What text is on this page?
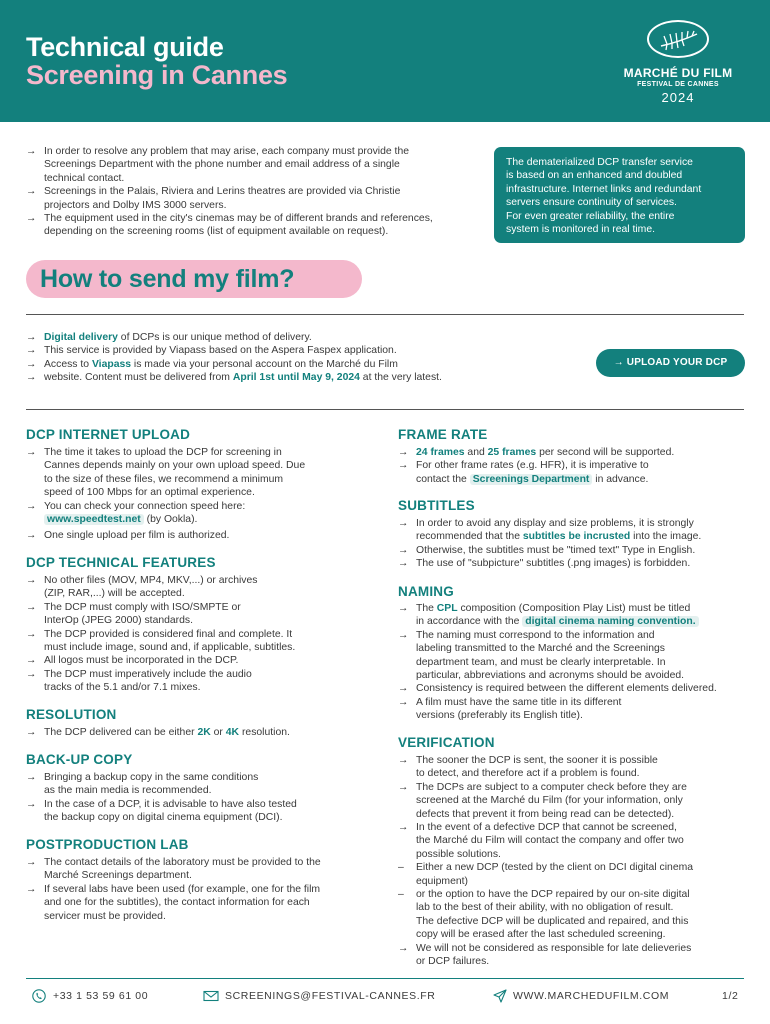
Technical guide
Screening in Cannes	MARCHÉ DU FILM
FESTIVAL DE CANNES
2024
→ In order to resolve any problem that may arise, each company must provide the
Screenings Department with the phone number and email address of a single
technical contact.
→ Screenings in the Palais, Riviera and Lerins theatres are provided via Christie
projectors and Dolby IMS 3000 servers.
→ The equipment used in the city's cinemas may be of different brands and references,
depending on the screening rooms (list of equipment available on request).
The dematerialized DCP transfer service
is based on an enhanced and doubled
infrastructure. Internet links and redundant
servers ensure continuity of services.
For even greater reliability, the entire
system is monitored in real time.
How to send my film?
→ Digital delivery of DCPs is our unique method of delivery.
→ This service is provided by Viapass based on the Aspera Faspex application.
→ Access to Viapass is made via your personal account on the Marché du Film
→ website. Content must be delivered from April 1st until May 9, 2024 at the very latest.
→ UPLOAD YOUR DCP
DCP INTERNET UPLOAD
→ The time it takes to upload the DCP for screening in
Cannes depends mainly on your own upload speed. Due
to the size of these files, we recommend a minimum
speed of 100 Mbps for an optimal experience.
→ You can check your connection speed here:
www.speedtest.net (by Ookla).
→ One single upload per film is authorized.
DCP TECHNICAL FEATURES
→ No other files (MOV, MP4, MKV,...) or archives
(ZIP, RAR,...) will be accepted.
→ The DCP must comply with ISO/SMPTE or
InterOp (JPEG 2000) standards.
→ The DCP provided is considered final and complete. It
must include image, sound and, if applicable, subtitles.
→ All logos must be incorporated in the DCP.
→ The DCP must imperatively include the audio
tracks of the 5.1 and/or 7.1 mixes.
RESOLUTION
→ The DCP delivered can be either 2K or 4K resolution.
BACK-UP COPY
→ Bringing a backup copy in the same conditions
as the main media is recommended.
→ In the case of a DCP, it is advisable to have also tested
the backup copy on digital cinema equipment (DCI).
POSTPRODUCTION LAB
→ The contact details of the laboratory must be provided to the
Marché Screenings department.
→ If several labs have been used (for example, one for the film
and one for the subtitles), the contact information for each
servicer must be provided.
FRAME RATE
→ 24 frames and 25 frames per second will be supported.
→ For other frame rates (e.g. HFR), it is imperative to
contact the Screenings Department in advance.
SUBTITLES
→ In order to avoid any display and size problems, it is strongly
recommended that the subtitles be incrusted into the image.
→ Otherwise, the subtitles must be "timed text" Type in English.
→ The use of "subpicture" subtitles (.png images) is forbidden.
NAMING
→ The CPL composition (Composition Play List) must be titled
in accordance with the digital cinema naming convention.
→ The naming must correspond to the information and
labeling transmitted to the Marché and the Screenings
department team, and must be clearly interpretable. In
particular, abbreviations and acronyms should be avoided.
→ Consistency is required between the different elements delivered.
→ A film must have the same title in its different
versions (preferably its English title).
VERIFICATION
→ The sooner the DCP is sent, the sooner it is possible
to detect, and therefore act if a problem is found.
→ The DCPs are subject to a computer check before they are
screened at the Marché du Film (for your information, only
defects that prevent it from being read can be detected).
→ In the event of a defective DCP that cannot be screened,
the Marché du Film will contact the company and offer two
possible solutions.
– Either a new DCP (tested by the client on DCI digital cinema
equipment)
– or the option to have the DCP repaired by our on-site digital
lab to the best of their ability, with no obligation of result.
The defective DCP will be duplicated and repaired, and this
copy will be erased after the last scheduled screening.
→ We will not be considered as responsible for late delieveries
or DCP failures.
+33 1 53 59 61 00	SCREENINGS@FESTIVAL-CANNES.FR	WWW.MARCHEDUFILM.COM	1/2
